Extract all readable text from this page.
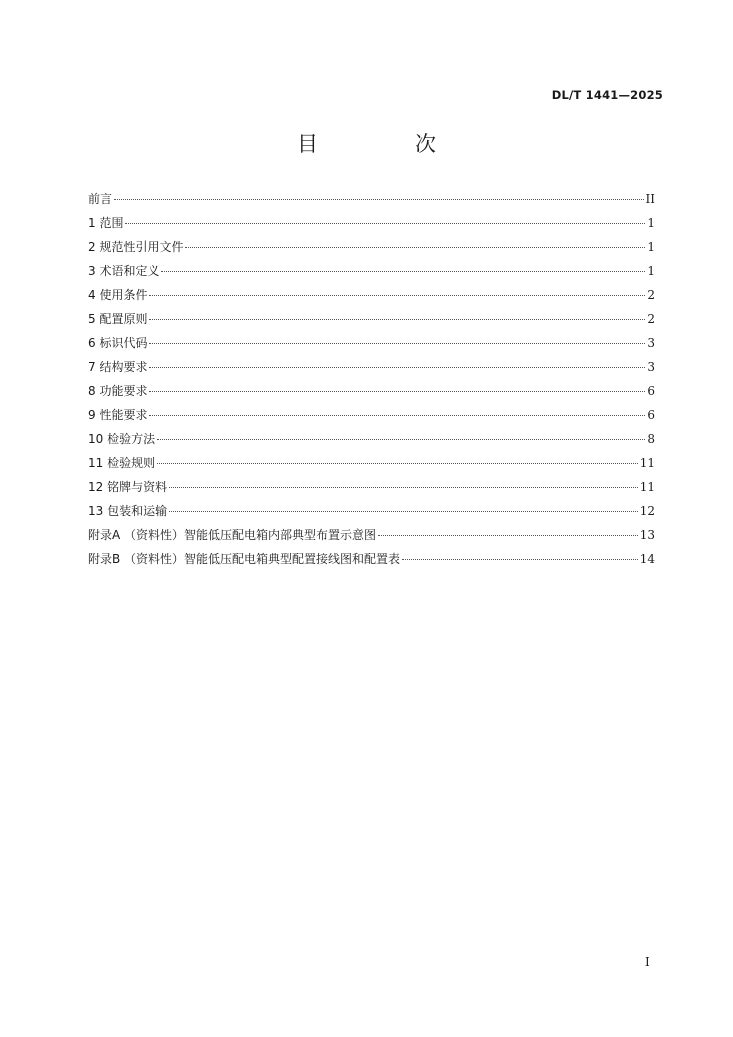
DL/T 1441—2025
目　次
前言	II
1 范围	1
2 规范性引用文件	1
3 术语和定义	1
4 使用条件	2
5 配置原则	2
6 标识代码	3
7 结构要求	3
8 功能要求	6
9 性能要求	6
10 检验方法	8
11 检验规则	11
12 铭牌与资料	11
13 包装和运输	12
附录A （资料性）智能低压配电箱内部典型布置示意图	13
附录B （资料性）智能低压配电箱典型配置接线图和配置表	14
I
